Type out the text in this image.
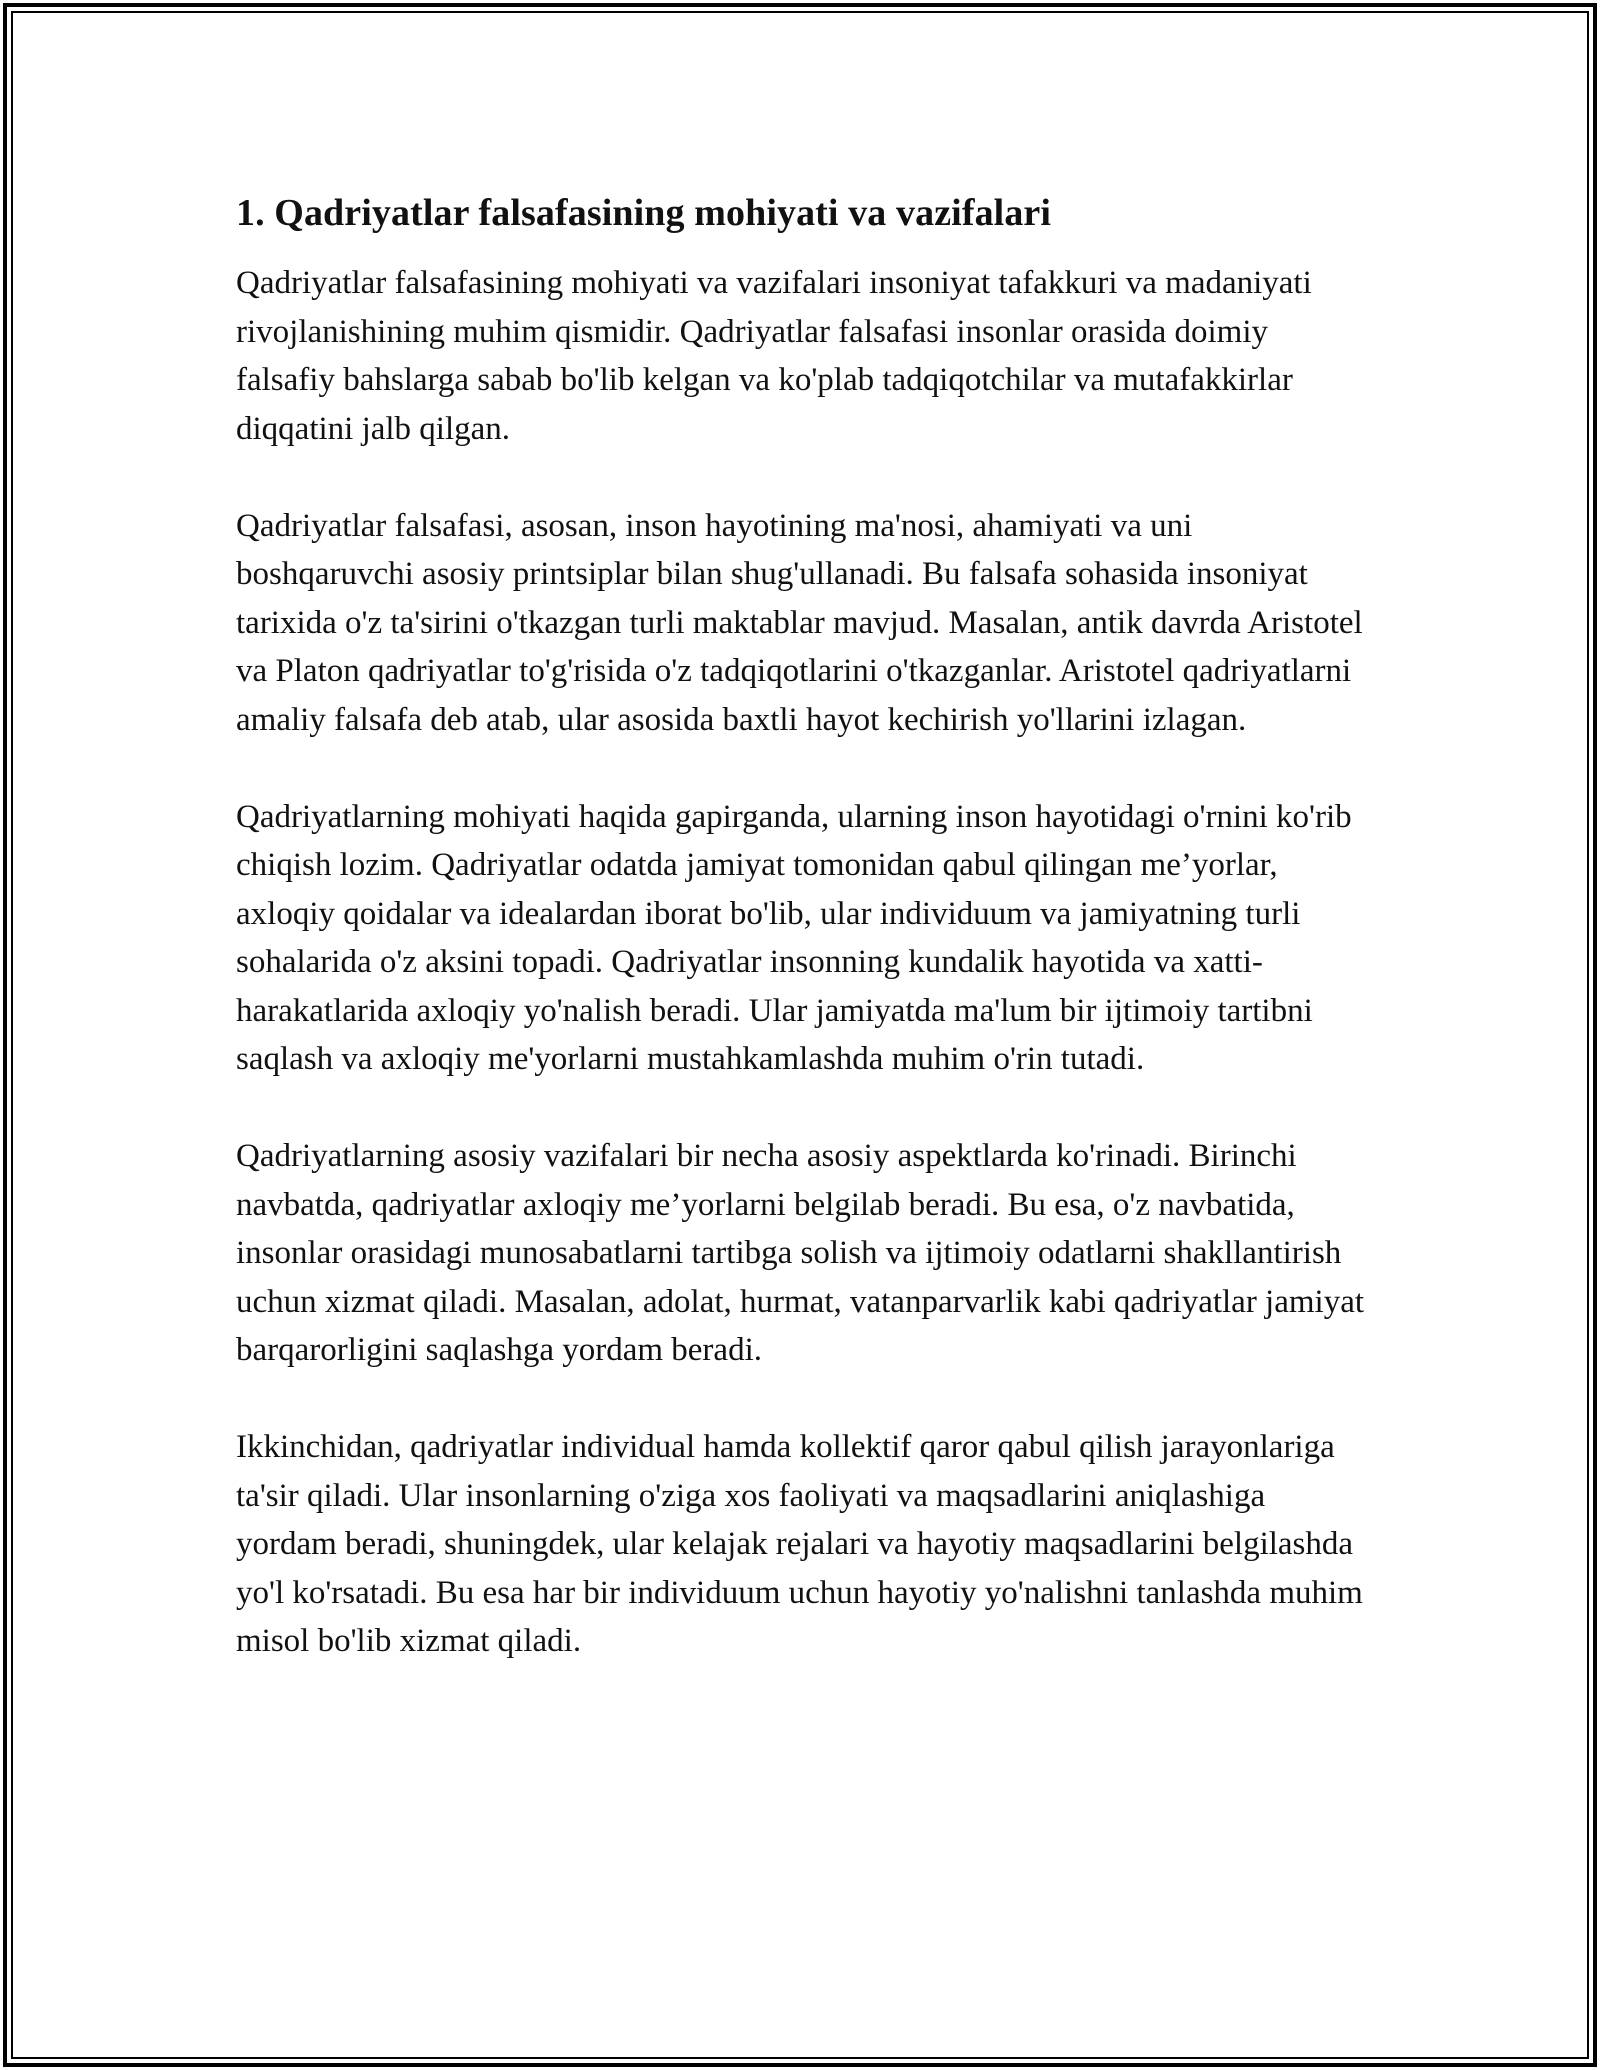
1. Qadriyatlar falsafasining mohiyati va vazifalari

Qadriyatlar falsafasining mohiyati va vazifalari insoniyat tafakkuri va madaniyati rivojlanishining muhim qismidir. Qadriyatlar falsafasi insonlar orasida doimiy falsafiy bahslarga sabab bo'lib kelgan va ko'plab tadqiqotchilar va mutafakkirlar diqqatini jalb qilgan.

Qadriyatlar falsafasi, asosan, inson hayotining ma'nosi, ahamiyati va uni boshqaruvchi asosiy printsiplar bilan shug'ullanadi. Bu falsafa sohasida insoniyat tarixida o'z ta'sirini o'tkazgan turli maktablar mavjud. Masalan, antik davrda Aristotel va Platon qadriyatlar to'g'risida o'z tadqiqotlarini o'tkazganlar. Aristotel qadriyatlarni amaliy falsafa deb atab, ular asosida baxtli hayot kechirish yo'llarini izlagan.

Qadriyatlarning mohiyati haqida gapirganda, ularning inson hayotidagi o'rnini ko'rib chiqish lozim. Qadriyatlar odatda jamiyat tomonidan qabul qilingan me’yorlar, axloqiy qoidalar va idealardan iborat bo'lib, ular individuum va jamiyatning turli sohalarida o'z aksini topadi. Qadriyatlar insonning kundalik hayotida va xatti-harakatlarida axloqiy yo'nalish beradi. Ular jamiyatda ma'lum bir ijtimoiy tartibni saqlash va axloqiy me'yorlarni mustahkamlashda muhim o'rin tutadi.

Qadriyatlarning asosiy vazifalari bir necha asosiy aspektlarda ko'rinadi. Birinchi navbatda, qadriyatlar axloqiy me’yorlarni belgilab beradi. Bu esa, o'z navbatida, insonlar orasidagi munosabatlarni tartibga solish va ijtimoiy odatlarni shakllantirish uchun xizmat qiladi. Masalan, adolat, hurmat, vatanparvarlik kabi qadriyatlar jamiyat barqarorligini saqlashga yordam beradi.

Ikkinchidan, qadriyatlar individual hamda kollektif qaror qabul qilish jarayonlariga ta'sir qiladi. Ular insonlarning o'ziga xos faoliyati va maqsadlarini aniqlashiga yordam beradi, shuningdek, ular kelajak rejalari va hayotiy maqsadlarini belgilashda yo'l ko'rsatadi. Bu esa har bir individuum uchun hayotiy yo'nalishni tanlashda muhim misol bo'lib xizmat qiladi.
